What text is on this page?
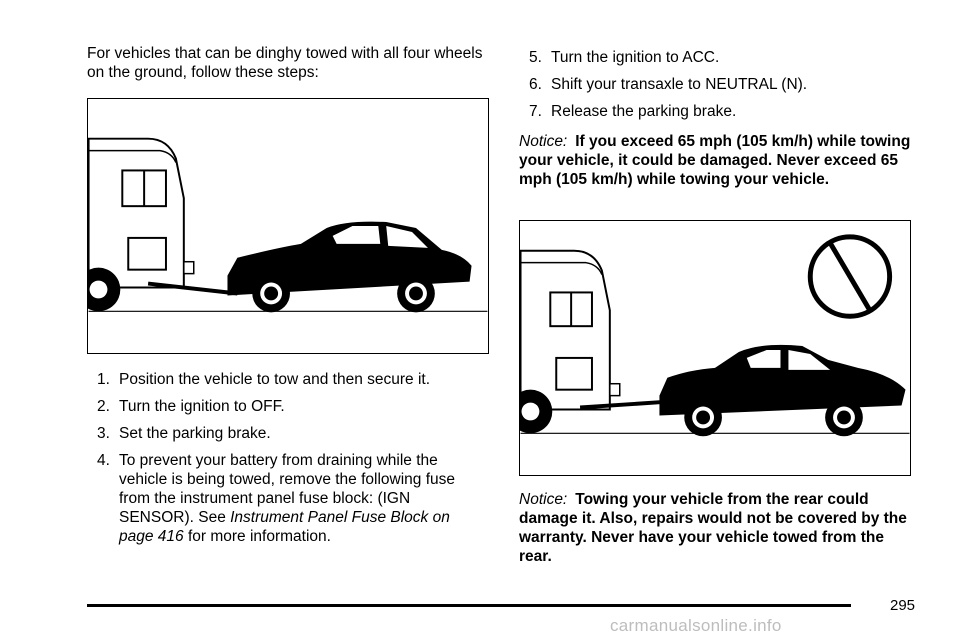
For vehicles that can be dinghy towed with all four wheels on the ground, follow these steps:

1. Position the vehicle to tow and then secure it.
2. Turn the ignition to OFF.
3. Set the parking brake.
4. To prevent your battery from draining while the vehicle is being towed, remove the following fuse from the instrument panel fuse block: (IGN SENSOR). See Instrument Panel Fuse Block on page 416 for more information.
5. Turn the ignition to ACC.
6. Shift your transaxle to NEUTRAL (N).
7. Release the parking brake.
Notice: If you exceed 65 mph (105 km/h) while towing your vehicle, it could be damaged. Never exceed 65 mph (105 km/h) while towing your vehicle.
Notice: Towing your vehicle from the rear could damage it. Also, repairs would not be covered by the warranty. Never have your vehicle towed from the rear.
295
carmanualsonline.info
